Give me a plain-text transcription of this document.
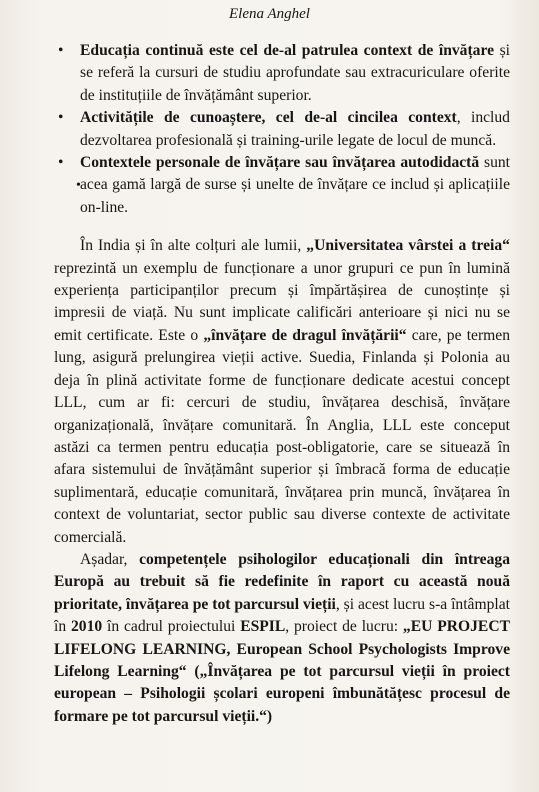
Elena Anghel
• Educația continuă este cel de-al patrulea context de învățare și se referă la cursuri de studiu aprofundate sau extracuriculare oferite de instituțiile de învățământ superior.
• Activitățile de cunoaștere, cel de-al cincilea context, includ dezvoltarea profesională și training-urile legate de locul de muncă.
• Contextele personale de învățare sau învățarea autodidactă sunt acea gamă largă de surse și unelte de învățare ce includ și aplicațiile on-line.

În India și în alte colțuri ale lumii, „Universitatea vârstei a treia“ reprezintă un exemplu de funcționare a unor grupuri ce pun în lumină experiența participanților precum și împărtășirea de cunoștințe și impresii de viață. Nu sunt implicate calificări anterioare și nici nu se emit certificate. Este o „învățare de dragul învățării“ care, pe termen lung, asigură prelungirea vieții active. Suedia, Finlanda și Polonia au deja în plină activitate forme de funcționare dedicate acestui concept LLL, cum ar fi: cercuri de studiu, învățarea deschisă, învățare organizațională, învățare comunitară. În Anglia, LLL este conceput astăzi ca termen pentru educația post-obligatorie, care se situează în afara sistemului de învățământ superior și îmbracă forma de educație suplimentară, educație comunitară, învățarea prin muncă, învățarea în context de voluntariat, sector public sau diverse contexte de activitate comercială.

Așadar, competențele psihologilor educaționali din întreaga Europă au trebuit să fie redefinite în raport cu această nouă prioritate, învățarea pe tot parcursul vieții, și acest lucru s-a întâmplat în 2010 în cadrul proiectului ESPIL, proiect de lucru: „EU PROJECT LIFELONG LEARNING, European School Psychologists Improve Lifelong Learning“ („Învățarea pe tot parcursul vieții în proiect european – Psihologii școlari europeni îmbunătățesc procesul de formare pe tot parcursul vieții.“)

•
